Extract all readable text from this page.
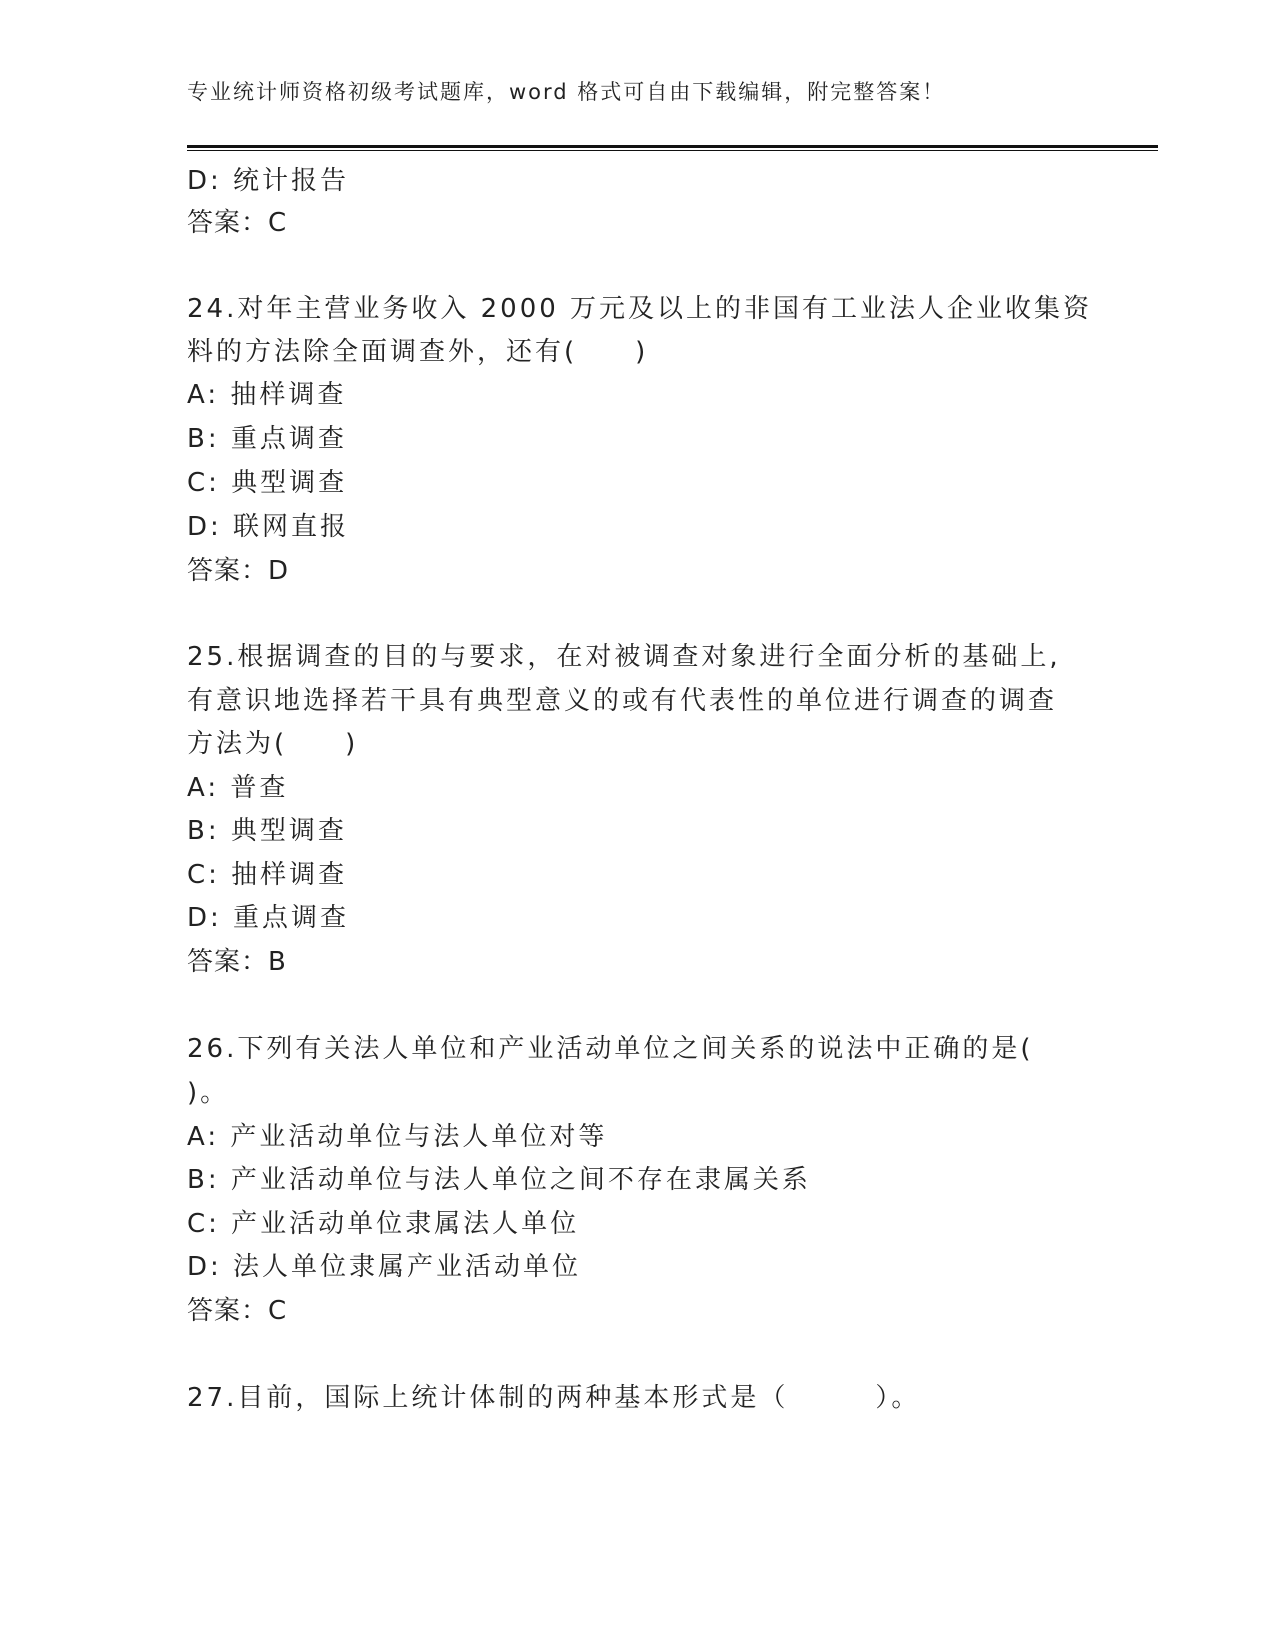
专业统计师资格初级考试题库，word 格式可自由下载编辑，附完整答案！
D: 统计报告
答案：C
24.对年主营业务收入 2000 万元及以上的非国有工业法人企业收集资
料的方法除全面调查外，还有(　　)
A: 抽样调查
B: 重点调查
C: 典型调查
D: 联网直报
答案：D
25.根据调查的目的与要求，在对被调查对象进行全面分析的基础上,
有意识地选择若干具有典型意义的或有代表性的单位进行调查的调查
方法为(　　)
A: 普查
B: 典型调查
C: 抽样调查
D: 重点调查
答案：B
26.下列有关法人单位和产业活动单位之间关系的说法中正确的是(
)。
A: 产业活动单位与法人单位对等
B: 产业活动单位与法人单位之间不存在隶属关系
C: 产业活动单位隶属法人单位
D: 法人单位隶属产业活动单位
答案：C
27.目前，国际上统计体制的两种基本形式是（　　　）。
